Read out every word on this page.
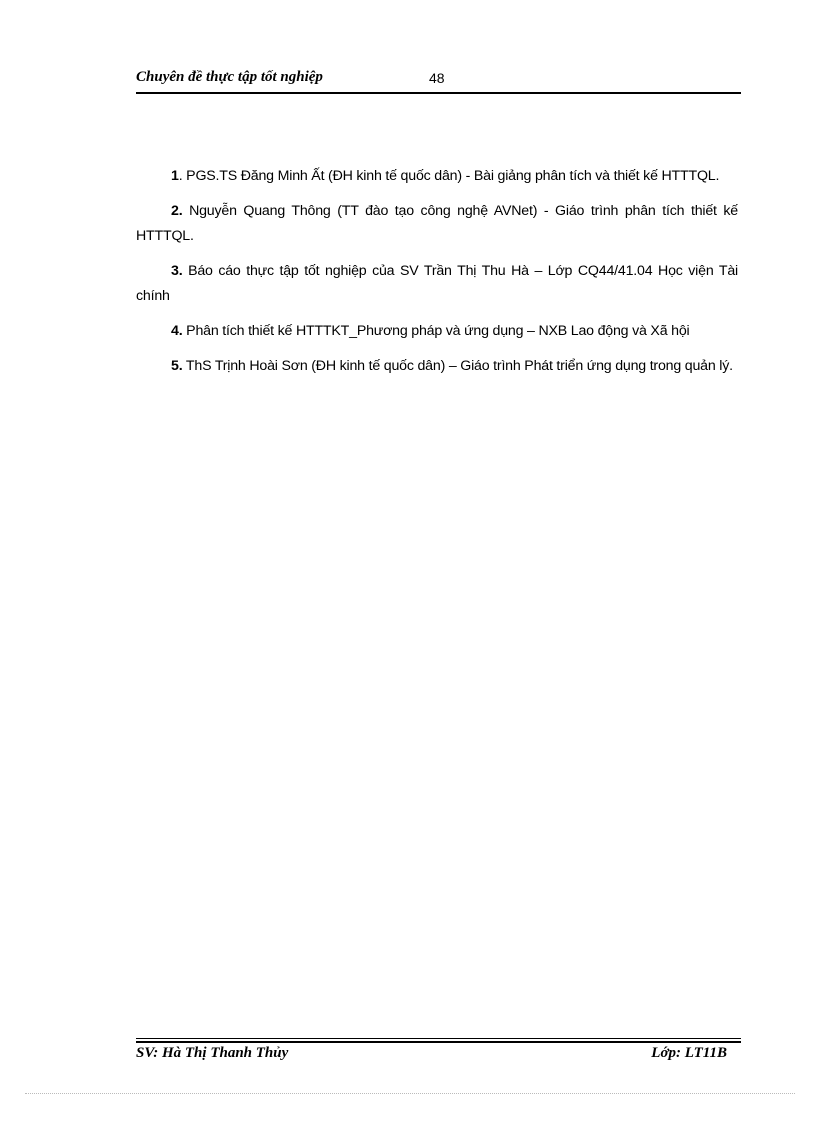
Chuyên đề thực tập tốt nghiệp	48

1. PGS.TS Đăng Minh Ất (ĐH kinh tế quốc dân) - Bài giảng phân tích và thiết kế HTTTQL.

2. Nguyễn Quang Thông (TT đào tạo công nghệ AVNet) - Giáo trình phân tích thiết kế HTTTQL.

3. Báo cáo thực tập tốt nghiệp của SV Trần Thị Thu Hà – Lớp CQ44/41.04 Học viện Tài chính

4. Phân tích thiết kế HTTTKT_Phương pháp và ứng dụng – NXB Lao động và Xã hội

5. ThS Trịnh Hoài Sơn (ĐH kinh tế quốc dân) – Giáo trình Phát triển ứng dụng trong quản lý.

SV: Hà Thị Thanh Thủy	Lớp: LT11B
